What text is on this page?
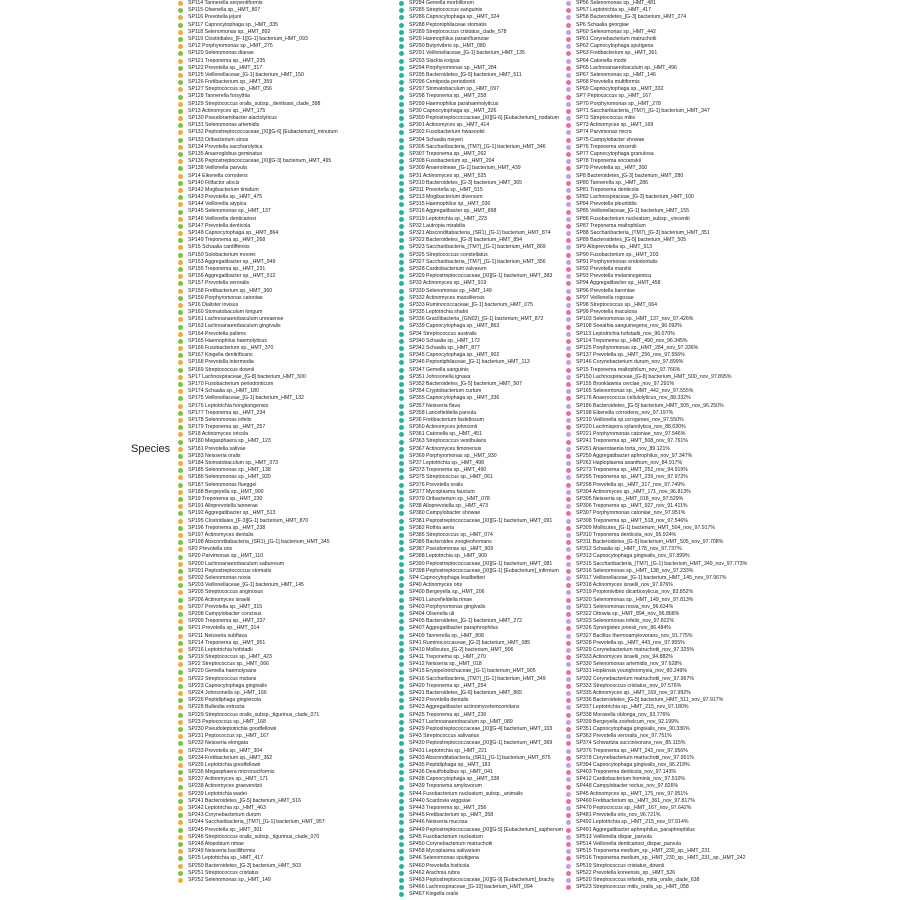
Species
SP114 Tannerella serpentiformis
SP115 Olsenella sp._HMT_807
SP116 Prevotella jejuni
SP117 Capnocytophaga sp._HMT_335
SP118 Selenomonas sp._HMT_892
SP119 Clostridiales_[F-1][G-1] bacterium_HMT_093
SP12 Porphyromonas sp._HMT_275
SP120 Selenomonas dianae
SP121 Treponema sp._HMT_235
SP122 Prevotella sp._HMT_317
SP125 Veillonellaceae_[G-1] bacterium_HMT_150
SP126 Fretibacterium sp._HMT_359
SP127 Streptococcus sp._HMT_056
SP128 Tannerella forsythia
SP129 Streptococcus oralis_subsp._dentisani_clade_398
SP13 Actinomyces sp._HMT_175
SP130 Pseudoramibacter alactolyticus
SP131 Selenomonas artemidis
SP132 Peptostreptococcaceae_[XI][G-6] [Eubacterium]_minutum
SP133 Oribacterium sinus
SP134 Prevotella saccharolytica
SP135 Anaeroglobus geminatus
SP136 Peptostreptococcaceae_[XI][G-3] bacterium_HMT_495
SP138 Veillonella parvula
SP14 Eikenella corrodens
SP140 Filifactor alocis
SP142 Mogibacterium timidum
SP143 Prevotella sp._HMT_475
SP144 Veillonella atypica
SP145 Selenomonas sp._HMT_137
SP146 Veillonella denticariosi
SP147 Prevotella denticola
SP148 Capnocytophaga sp._HMT_864
SP149 Treponema sp._HMT_268
SP15 Schaalia cardiffensis
SP150 Solobacterium moorei
SP153 Aggregatibacter sp._HMT_949
SP155 Treponema sp._HMT_231
SP156 Aggregatibacter sp._HMT_512
SP157 Prevotella veroralis
SP158 Fretibacterium sp._HMT_360
SP159 Porphyromonas catoniae
SP16 Dialister invisus
SP160 Stomatobaculum longum
SP161 Lachnoanaerobaculum umeaense
SP163 Lachnoanaerobaculum gingivalis
SP164 Prevotella pallens
SP165 Haemophilus haemolyticus
SP166 Fusobacterium sp._HMT_370
SP167 Kingella denitrificans
SP168 Prevotella intermedia
SP169 Streptococcus downii
SP17 Lachnospiraceae_[G-8] bacterium_HMT_500
SP170 Fusobacterium periodonticum
SP174 Schaalia sp._HMT_180
SP175 Veillonellaceae_[G-1] bacterium_HMT_132
SP176 Leptotrichia hongkongensis
SP177 Treponema sp._HMT_234
SP178 Selenomonas infelix
SP179 Treponema sp._HMT_257
SP18 Actinomyces oricola
SP180 Megasphaera sp._HMT_123
SP181 Prevotella salivae
SP183 Neisseria oralis
SP184 Stomatobaculum sp._HMT_373
SP185 Selenomonas sp._HMT_138
SP186 Selenomonas sp._HMT_920
SP187 Selenomonas flueggei
SP188 Bergeyella sp._HMT_900
SP19 Treponema sp._HMT_230
SP191 Alloprevotella tannerae
SP192 Aggregatibacter sp._HMT_513
SP195 Clostridiales_[F-3][G-1] bacterium_HMT_870
SP196 Treponema sp._HMT_238
SP197 Actinomyces dentalis
SP198 Absconditabacteria_(SR1)_[G-1] bacterium_HMT_345
SP2 Prevotella oris
SP20 Parvimonas sp._HMT_110
SP200 Lachnoanaerobaculum saburreum
SP201 Peptostreptococcus stomatis
SP202 Selenomonas noxia
SP203 Veillonellaceae_[G-1] bacterium_HMT_145
SP205 Streptococcus anginosus
SP206 Actinomyces israelii
SP207 Prevotella sp._HMT_315
SP208 Campylobacter concisus
SP209 Treponema sp._HMT_237
SP21 Prevotella sp._HMT_314
SP211 Neisseria subflava
SP214 Treponema sp._HMT_951
SP216 Leptotrichia hofstadii
SP219 Streptococcus sp._HMT_423
SP22 Streptococcus sp._HMT_066
SP220 Gemella haemolysans
SP222 Streptococcus mutans
SP223 Capnocytophaga gingivalis
SP224 Johnsonella sp._HMT_166
SP226 Peptidiphaga gingivicola
SP228 Bulleidia extructa
SP229 Streptococcus oralis_subsp._tigurinus_clade_071
SP23 Peptococcus sp._HMT_168
SP230 Pseudoleptotrichia goodfellowii
SP231 Peptococcus sp._HMT_167
SP232 Neisseria elongata
SP233 Prevotella sp._HMT_304
SP234 Fretibacterium sp._HMT_362
SP235 Leptotrichia goodfellowii
SP236 Megasphaera micronuciformis
SP237 Actinomyces sp._HMT_171
SP238 Actinomyces graevenitzii
SP239 Leptotrichia wadei
SP241 Bacteroidetes_[G-5] bacterium_HMT_516
SP242 Leptotrichia sp._HMT_463
SP243 Corynebacterium durum
SP244 Saccharibacteria_(TM7)_[G-1] bacterium_HMT_957
SP245 Prevotella sp._HMT_301
SP246 Streptococcus oralis_subsp._tigurinus_clade_070
SP248 Atopobium rimae
SP249 Neisseria bacilliformis
SP25 Leptotrichia sp._HMT_417
SP250 Bacteroidetes_[G-3] bacterium_HMT_503
SP251 Streptococcus cristatus
SP252 Selenomonas sp._HMT_149
SP284 Gemella morbillorum
SP285 Streptococcus sanguinis
SP286 Capnocytophaga sp._HMT_324
SP288 Peptoniphilaceae stomatis
SP289 Streptococcus cristatus_clade_578
SP29 Haemophilus parainfluenzae
SP290 Butyrivibrio sp._HMT_080
SP291 Veillonellaceae_[G-1] bacterium_HMT_135
SP293 Slackia exigua
SP294 Porphyromonas sp._HMT_284
SP295 Bacteroidetes_[G-5] bacterium_HMT_511
SP296 Centipeda periodontii
SP297 Stomatobaculum sp._HMT_097
SP298 Treponema sp._HMT_258
SP299 Haemophilus parahaemolyticus
SP30 Capnocytophaga sp._HMT_326
SP300 Peptostreptococcaceae_[XI][G-6] [Eubacterium]_nodatum
SP301 Actinomyces sp._HMT_414
SP302 Fusobacterium hwasookii
SP304 Schaalia meyeri
SP306 Saccharibacteria_(TM7)_[G-1] bacterium_HMT_346
SP307 Treponema sp._HMT_262
SP308 Fusobacterium sp._HMT_204
SP309 Anaerolineae_[G-1] bacterium_HMT_439
SP31 Actinomyces sp._HMT_525
SP310 Bacteroidetes_[G-3] bacterium_HMT_365
SP311 Prevotella sp._HMT_515
SP313 Mogibacterium diversum
SP315 Haemophilus sp._HMT_036
SP316 Aggregatibacter sp._HMT_898
SP319 Leptotrichia sp._HMT_223
SP32 Lautropia mirabilis
SP321 Absconditabacteria_(SR1)_[G-1] bacterium_HMT_874
SP322 Bacteroidetes_[G-3] bacterium_HMT_894
SP323 Saccharibacteria_(TM7)_[G-1] bacterium_HMT_869
SP325 Streptococcus constellatus
SP327 Saccharibacteria_(TM7)_[G-1] bacterium_HMT_356
SP328 Cardiobacterium valvarum
SP329 Peptostreptococcaceae_[XI][G-1] bacterium_HMT_383
SP33 Actinomyces sp._HMT_919
SP330 Selenomonas sp._HMT_149
SP332 Actinomyces massiliensis
SP333 Ruminococcaceae_[G-1] bacterium_HMT_075
SP335 Leptotrichia shahii
SP336 Gracilibacteria_(GN02)_[G-1] bacterium_HMT_872
SP339 Capnocytophaga sp._HMT_863
SP34 Streptococcus australis
SP340 Schaalia sp._HMT_172
SP342 Schaalia sp._HMT_877
SP345 Capnocytophaga sp._HMT_902
SP346 Peptoniphilaceae_[G-1] bacterium_HMT_113
SP347 Gemella sanguinis
SP351 Johnsonella ignava
SP352 Bacteroidetes_[G-5] bacterium_HMT_507
SP354 Cryptobacterium curtum
SP355 Capnocytophaga sp._HMT_336
SP357 Neisseria flava
SP358 Lancefieldella parvula
SP36 Fretibacterium fastidiosum
SP360 Actinomyces johnsonii
SP361 Catonella sp._HMT_451
SP363 Streptococcus vestibularis
SP367 Actinomyces timonensis
SP369 Porphyromonas sp._HMT_930
SP37 Leptotrichia sp._HMT_498
SP373 Treponema sp._HMT_490
SP375 Streptococcus sp._HMT_061
SP376 Prevotella oralis
SP377 Mycoplasma faucium
SP379 Oribacterium sp._HMT_078
SP38 Alloprevotella sp._HMT_473
SP380 Campylobacter showae
SP381 Peptostreptococcaceae_[XI][G-1] bacterium_HMT_091
SP382 Rothia aeria
SP385 Streptococcus sp._HMT_074
SP386 Bacteroides zoogleoformans
SP387 Pseudomonas sp._HMT_909
SP388 Leptotrichia sp._HMT_909
SP390 Peptostreptococcaceae_[XI][G-1] bacterium_HMT_081
SP398 Peptostreptococcaceae_[XI][G-1] [Eubacterium]_infirmum
SP4 Capnocytophaga leadbetteri
SP40 Actinomyces oris
SP400 Bergeyella sp._HMT_206
SP401 Lancefieldella rimae
SP403 Porphyromonas gingivalis
SP404 Olsenella uli
SP405 Bacteroidetes_[G-1] bacterium_HMT_272
SP407 Aggregatibacter paraphrophilus
SP409 Tannerella sp._HMT_808
SP41 Ruminococcaceae_[G-2] bacterium_HMT_085
SP410 Mollicutes_[G-2] bacterium_HMT_906
SP411 Treponema sp._HMT_270
SP412 Neisseria sp._HMT_018
SP415 Erysipelotrichaceae_[G-1] bacterium_HMT_905
SP416 Saccharibacteria_(TM7)_[G-1] bacterium_HMT_349
SP420 Treponema sp._HMT_254
SP421 Bacteroidetes_[G-6] bacterium_HMT_865
SP422 Prevotella dentalis
SP423 Aggregatibacter actinomycetemcomitans
SP425 Treponema sp._HMT_236
SP427 Lachnoanaerobaculum sp._HMT_089
SP429 Peptostreptococcaceae_[XI][G-4] bacterium_HMT_103
SP43 Streptococcus salivarius
SP430 Peptostreptococcaceae_[XI][G-1] bacterium_HMT_369
SP431 Leptotrichia sp._HMT_221
SP433 Absconditabacteria_(SR1)_[G-1] bacterium_HMT_875
SP435 Peptidiphaga sp._HMT_183
SP436 Desulfobulbus sp._HMT_041
SP438 Capnocytophaga sp._HMT_338
SP439 Treponema amylovorum
SP44 Fusobacterium nucleatum_subsp._animalis
SP440 Scardovia wiggsiae
SP443 Treponema sp._HMT_256
SP445 Fretibacterium sp._HMT_358
SP446 Neisseria mucosa
SP449 Peptostreptococcaceae_[XI][G-5] [Eubacterium]_saphenum
SP45 Fusobacterium nucleatum
SP450 Corynebacterium matruchotii
SP458 Mycoplasma salivarium
SP46 Selenomonas sputigena
SP460 Prevotella histicola
SP462 Arachnia rubra
SP463 Peptostreptococcaceae_[XI][G-9] [Eubacterium]_brachy
SP466 Lachnospiraceae_[G-10] bacterium_HMT_094
SP467 Kingella oralis
SP56 Selenomonas sp._HMT_481
SP57 Leptotrichia sp._HMT_417
SP58 Bacteroidetes_[G-3] bacterium_HMT_274
SP6 Schaalia georgiae
SP60 Selenomonas sp._HMT_442
SP61 Corynebacterium matruchotii
SP62 Capnocytophaga sputigena
SP63 Fretibacterium sp._HMT_361
SP64 Catonella morbi
SP65 Lachnoanaerobaculum sp._HMT_496
SP67 Selenomonas sp._HMT_146
SP68 Prevotella multiformis
SP69 Capnocytophaga sp._HMT_332
SP7 Peptococcus sp._HMT_167
SP70 Porphyromonas sp._HMT_278
SP71 Saccharibacteria_(TM7)_[G-1] bacterium_HMT_347
SP72 Streptococcus mitis
SP73 Actinomyces sp._HMT_169
SP74 Parvimonas micra
SP75 Campylobacter showae
SP76 Treponema vincentii
SP77 Capnocytophaga granulosa
SP78 Treponema socranskii
SP79 Prevotella sp._HMT_300
SP8 Bacteroidetes_[G-3] bacterium_HMT_280
SP80 Tannerella sp._HMT_286
SP81 Treponema denticola
SP82 Lachnospiraceae_[G-3] bacterium_HMT_100
SP84 Prevotella pleuritidis
SP85 Veillonellaceae_[G-1] bacterium_HMT_155
SP86 Fusobacterium nucleatum_subsp._vincentii
SP87 Treponema maltophilum
SP88 Saccharibacteria_(TM7)_[G-3] bacterium_HMT_351
SP89 Bacteroidetes_[G-5] bacterium_HMT_505
SP9 Alloprevotella sp._HMT_913
SP90 Fusobacterium sp._HMT_203
SP91 Porphyromonas endodontalis
SP92 Prevotella marshii
SP93 Prevotella melaninogenica
SP94 Aggregatibacter sp._HMT_458
SP96 Prevotella baroniae
SP97 Veillonella rogosae
SP98 Streptococcus sp._HMT_064
SP99 Prevotella maculosa
SP103 Selenomonas sp._HMT_137_nov_97.426%
SP108 Sneathia sanguinegens_nov_96.092%
SP113 Leptotrichia hofstadii_nov_96.070%
SP114 Treponema sp._HMT_490_nov_96.345%
SP125 Porphyromonas sp._HMT_284_nov_97.336%
SP137 Prevotella sp._HMT_256_nov_97.556%
SP146 Corynebacterium durum_nov_97.899%
SP15 Treponema maltophilum_nov_97.766%
SP150 Lachnospiraceae_[G-8] bacterium_HMT_500_nov_97.895%
SP155 Brooklawnia cerclae_nov_97.291%
SP165 Selenomonas sp._HMT_442_nov_97.555%
SP176 Anaerococcus cellulolyticus_nov_88.332%
SP186 Bacteroidetes_[G-5] bacterium_HMT_505_nov_96.250%
SP198 Eikenella corrodens_nov_97.197%
SP210 Veillonella sp.ucrogenes_nov_97.550%
SP220 Lacrimispora xylanolytica_nov_88.630%
SP221 Porphyromonas catoniae_nov_97.546%
SP241 Treponema sp._HMT_508_nov_97.761%
SP251 Anaerotaenia torta_nov_89.121%
SP259 Aggregatibacter aphrophilus_nov_97.347%
SP262 Haploplasma axanthum_nov_84.917%
SP273 Treponema sp._HMT_252_nov_94.919%
SP295 Treponema sp._HMT_239_nov_97.972%
SP298 Prevotella sp._HMT_317_nov_97.749%
SP304 Actinomyces sp._HMT_171_nov_96.813%
SP305 Neisseria sp._HMT_018_nov_97.529%
SP306 Treponema sp._HMT_927_nov_91.411%
SP307 Porphyromonas catoniae_nov_97.951%
SP308 Treponema sp._HMT_518_nov_97.546%
SP309 Mollicutes_[G-1] bacterium_HMT_504_nov_97.917%
SP310 Treponema denticola_nov_95.924%
SP311 Bacteroidetes_[G-5] bacterium_HMT_505_nov_97.708%
SP312 Schaalia sp._HMT_178_nov_97.737%
SP313 Capnocytophaga gingivalis_nov_97.899%
SP315 Saccharibacteria_(TM7)_[G-1] bacterium_HMT_349_nov_97.773%
SP316 Selenomonas sp._HMT_138_nov_97.233%
SP317 Veillonellaceae_[G-1] bacterium_HMT_145_nov_97.967%
SP318 Actinomyces israelii_nov_97.976%
SP319 Propionivibrio dicarboxylicus_nov_83.852%
SP320 Selenomonas sp._HMT_149_nov_97.813%
SP321 Selenomonas noxia_nov_96.634%
SP322 Ottowia sp._HMT_894_nov_96.868%
SP323 Selenomonas infelix_nov_97.822%
SP326 Synergistes jonesii_nov_86.484%
SP327 Bacillus thermoamylovorans_nov_91.775%
SP328 Prevotella sp._HMT_443_nov_97.955%
SP329 Corynebacterium matruchotii_nov_97.325%
SP333 Actinomyces israelii_nov_94.882%
SP330 Selenomonas artemidis_nov_97.628%
SP331 Hopkinsia younghoonyeia_nov_80.249%
SP332 Corynebacterium matruchotii_nov_97.967%
SP333 Streptococcus cristatus_nov_97.576%
SP335 Actinomyces sp._HMT_169_nov_97.992%
SP336 Bacteroidetes_[G-5] bacterium_HMT_511_nov_97.917%
SP337 Leptotrichia sp._HMT_215_nov_97.180%
SP338 Moraxella oblonga_nov_93.776%
SP339 Bergeyella zoohelcum_nov_92.199%
SP351 Capnocytophaga gingivalis_nov_90.336%
SP363 Prevotella veroralis_nov_97.751%
SP374 Schwartzia succinivorans_nov_85.115%
SP376 Treponema sp._HMT_242_nov_97.956%
SP378 Corynebacterium matruchotii_nov_97.951%
SP394 Capnocytophaga gingivalis_nov_96.218%
SP403 Treponema denticola_nov_97.143%
SP412 Cardiobacterium hominis_nov_97.510%
SP448 Campylobacter rectus_nov_97.826%
SP45 Actinomyces sp._HMT_175_nov_97.951%
SP460 Fretibacterium sp._HMT_361_nov_97.817%
SP470 Peptococcus sp._HMT_167_nov_97.642%
SP481 Prevotella oris_nov_96.721%
SP492 Leptotrichia sp._HMT_215_nov_97.614%
SP491 Aggregatibacter aphrophilus_paraphrophilus
SP513 Veillonella dispar_parvula
SP514 Veillonella denticariosi_dispar_parvula
SP515 Treponema medium_sp._HMT_230_sp._HMT_231
SP516 Treponema medium_sp._HMT_230_sp._HMT_231_sp._HMT_242
SP519 Streptococcus cristatus_downii
SP522 Prevotella koreensis_sp._HMT_526
SP520 Streptococcus infantis_mitis_oralis_clade_638
SP523 Streptococcus mitis_oralis_sp._HMT_058
